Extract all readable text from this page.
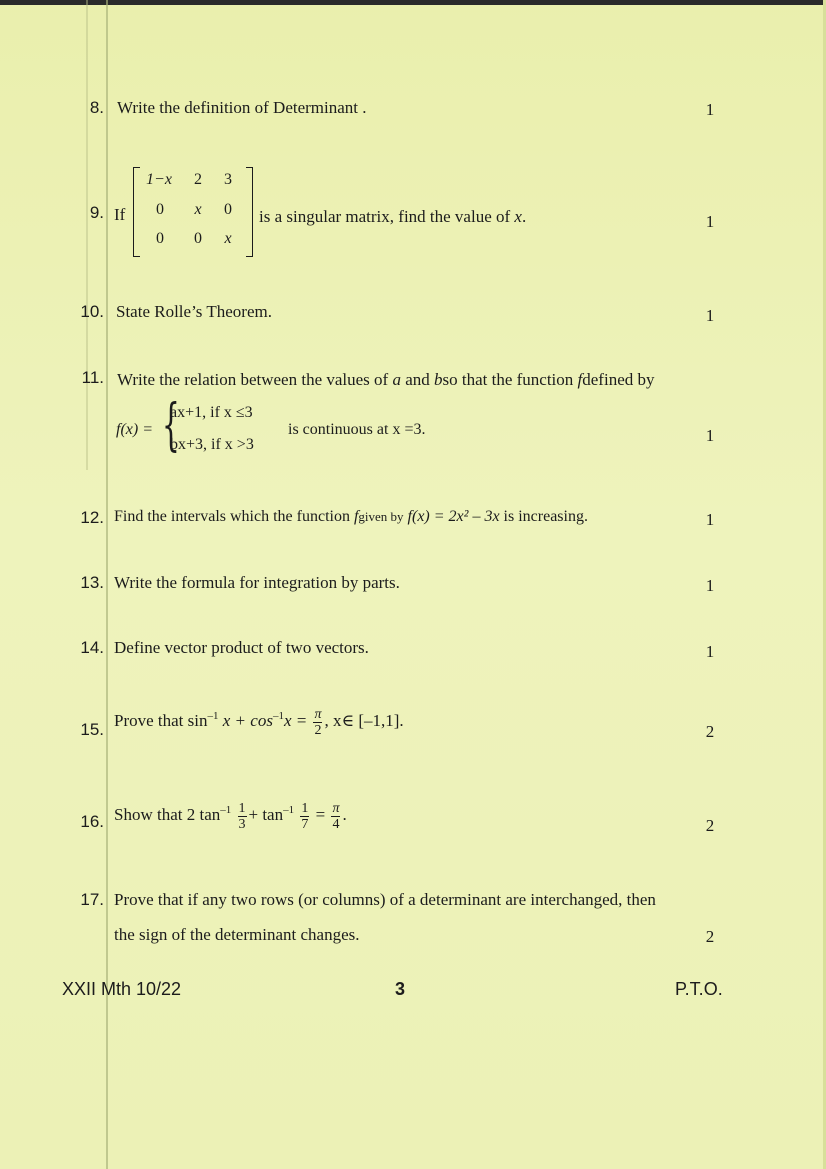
8. Write the definition of Determinant .	1
9. If
1−x	2	3
0	x	0
0	0	x
is a singular matrix, find the value of x.	1
10. State Rolle’s Theorem.	1
11. Write the relation between the values of a and bso that the function fdefined by
f(x) = {
ax+1, if x ≤3
bx+3, if x >3
is continuous at x =3.	1
12. Find the intervals which the function fgiven by f(x) = 2x² – 3x is increasing.	1
13. Write the formula for integration by parts.	1
14. Define vector product of two vectors.	1
15. Prove that $\sin^{-1} x + \cos^{-1}x = \frac{\pi}{2}$ , x∈ [–1,1].
2
16. Show that 2 $\tan^{-1} \frac{1}{3} + \tan^{-1} \frac{1}{7} = \frac{\pi}{4}$ .
2
17. Prove that if any two rows (or columns) of a determinant are interchanged, then
the sign of the determinant changes.	2
XXII Mth 10/22	3	P.T.O.
